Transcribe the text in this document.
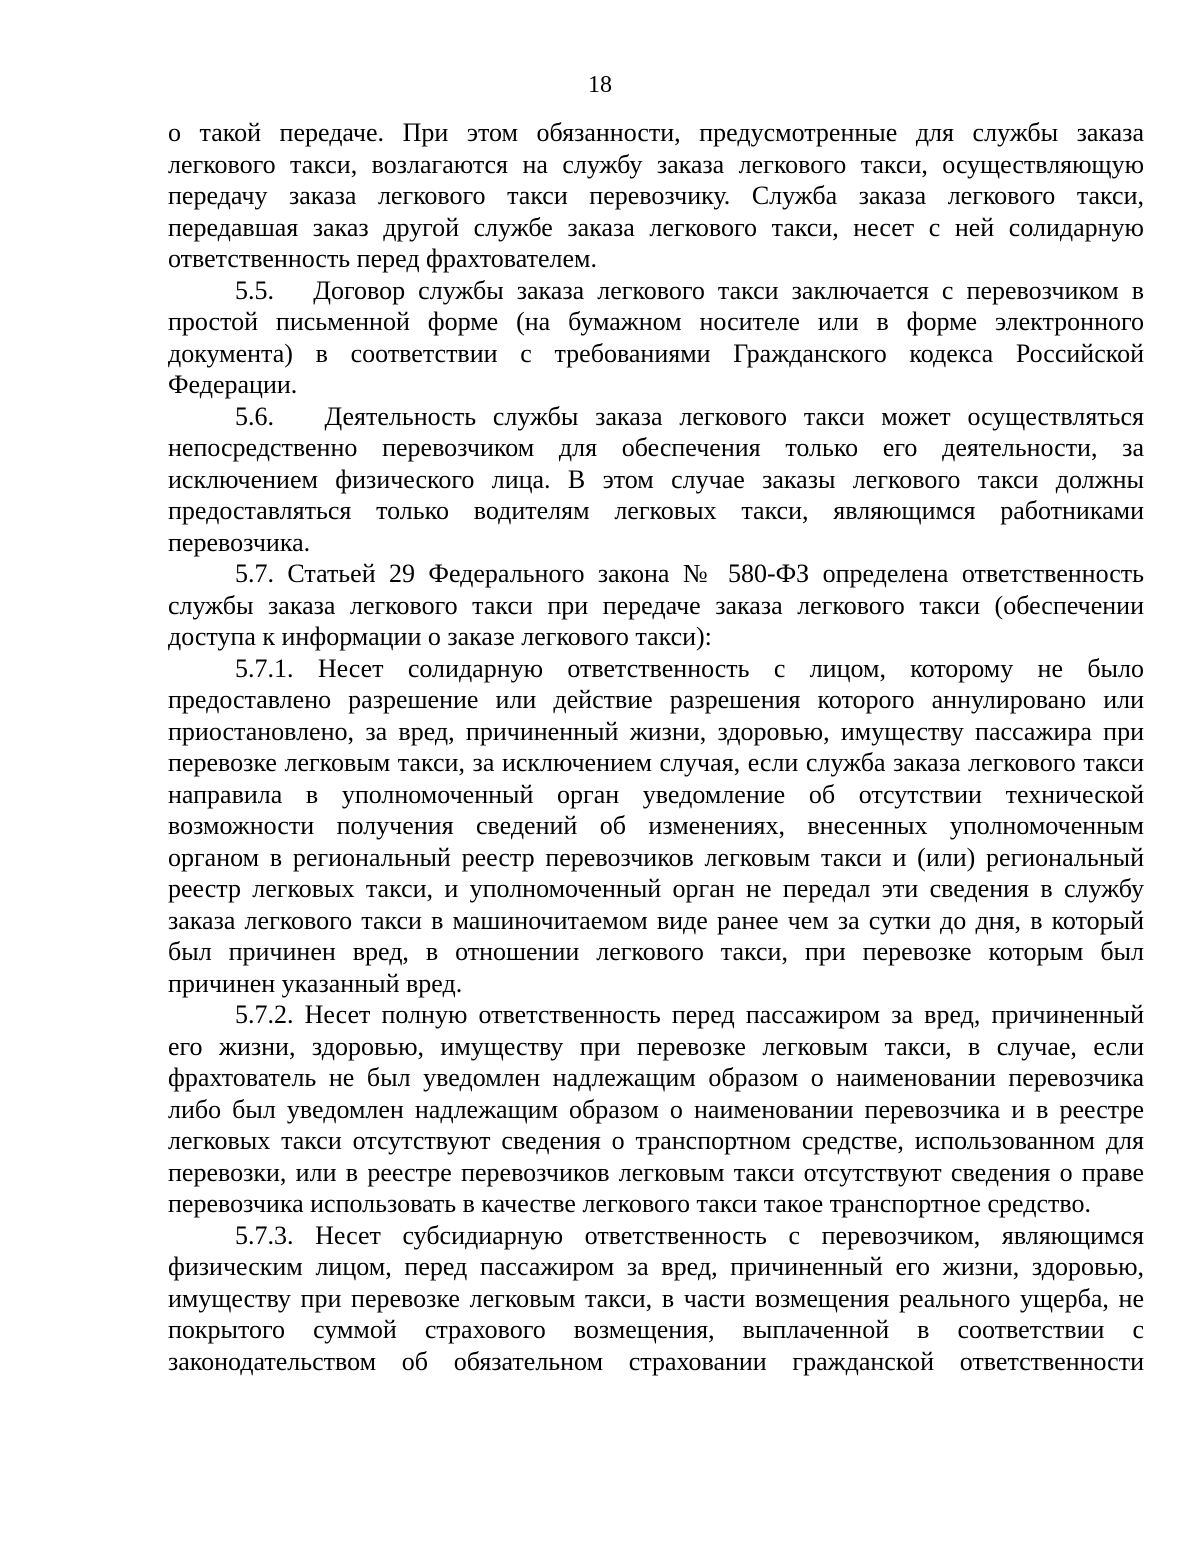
18

о такой передаче. При этом обязанности, предусмотренные для службы заказа легкового такси, возлагаются на службу заказа легкового такси, осуществляющую передачу заказа легкового такси перевозчику. Служба заказа легкового такси, передавшая заказ другой службе заказа легкового такси, несет с ней солидарную ответственность перед фрахтователем.

5.5.   Договор службы заказа легкового такси заключается с перевозчиком в простой письменной форме (на бумажном носителе или в форме электронного документа) в соответствии с требованиями Гражданского кодекса Российской Федерации.

5.6.   Деятельность службы заказа легкового такси может осуществляться непосредственно перевозчиком для обеспечения только его деятельности, за исключением физического лица. В этом случае заказы легкового такси должны предоставляться только водителям легковых такси, являющимся работниками перевозчика.

5.7. Статьей 29 Федерального закона № 580-ФЗ определена ответственность службы заказа легкового такси при передаче заказа легкового такси (обеспечении доступа к информации о заказе легкового такси):

5.7.1. Несет солидарную ответственность с лицом, которому не было предоставлено разрешение или действие разрешения которого аннулировано или приостановлено, за вред, причиненный жизни, здоровью, имуществу пассажира при перевозке легковым такси, за исключением случая, если служба заказа легкового такси направила в уполномоченный орган уведомление об отсутствии технической возможности получения сведений об изменениях, внесенных уполномоченным органом в региональный реестр перевозчиков легковым такси и (или) региональный реестр легковых такси, и уполномоченный орган не передал эти сведения в службу заказа легкового такси в машиночитаемом виде ранее чем за сутки до дня, в который был причинен вред, в отношении легкового такси, при перевозке которым был причинен указанный вред.

5.7.2. Несет полную ответственность перед пассажиром за вред, причиненный его жизни, здоровью, имуществу при перевозке легковым такси, в случае, если фрахтователь не был уведомлен надлежащим образом о наименовании перевозчика либо был уведомлен надлежащим образом о наименовании перевозчика и в реестре легковых такси отсутствуют сведения о транспортном средстве, использованном для перевозки, или в реестре перевозчиков легковым такси отсутствуют сведения о праве перевозчика использовать в качестве легкового такси такое транспортное средство.

5.7.3. Несет субсидиарную ответственность с перевозчиком, являющимся физическим лицом, перед пассажиром за вред, причиненный его жизни, здоровью, имуществу при перевозке легковым такси, в части возмещения реального ущерба, не покрытого суммой страхового возмещения, выплаченной в соответствии с законодательством об обязательном страховании гражданской ответственности
